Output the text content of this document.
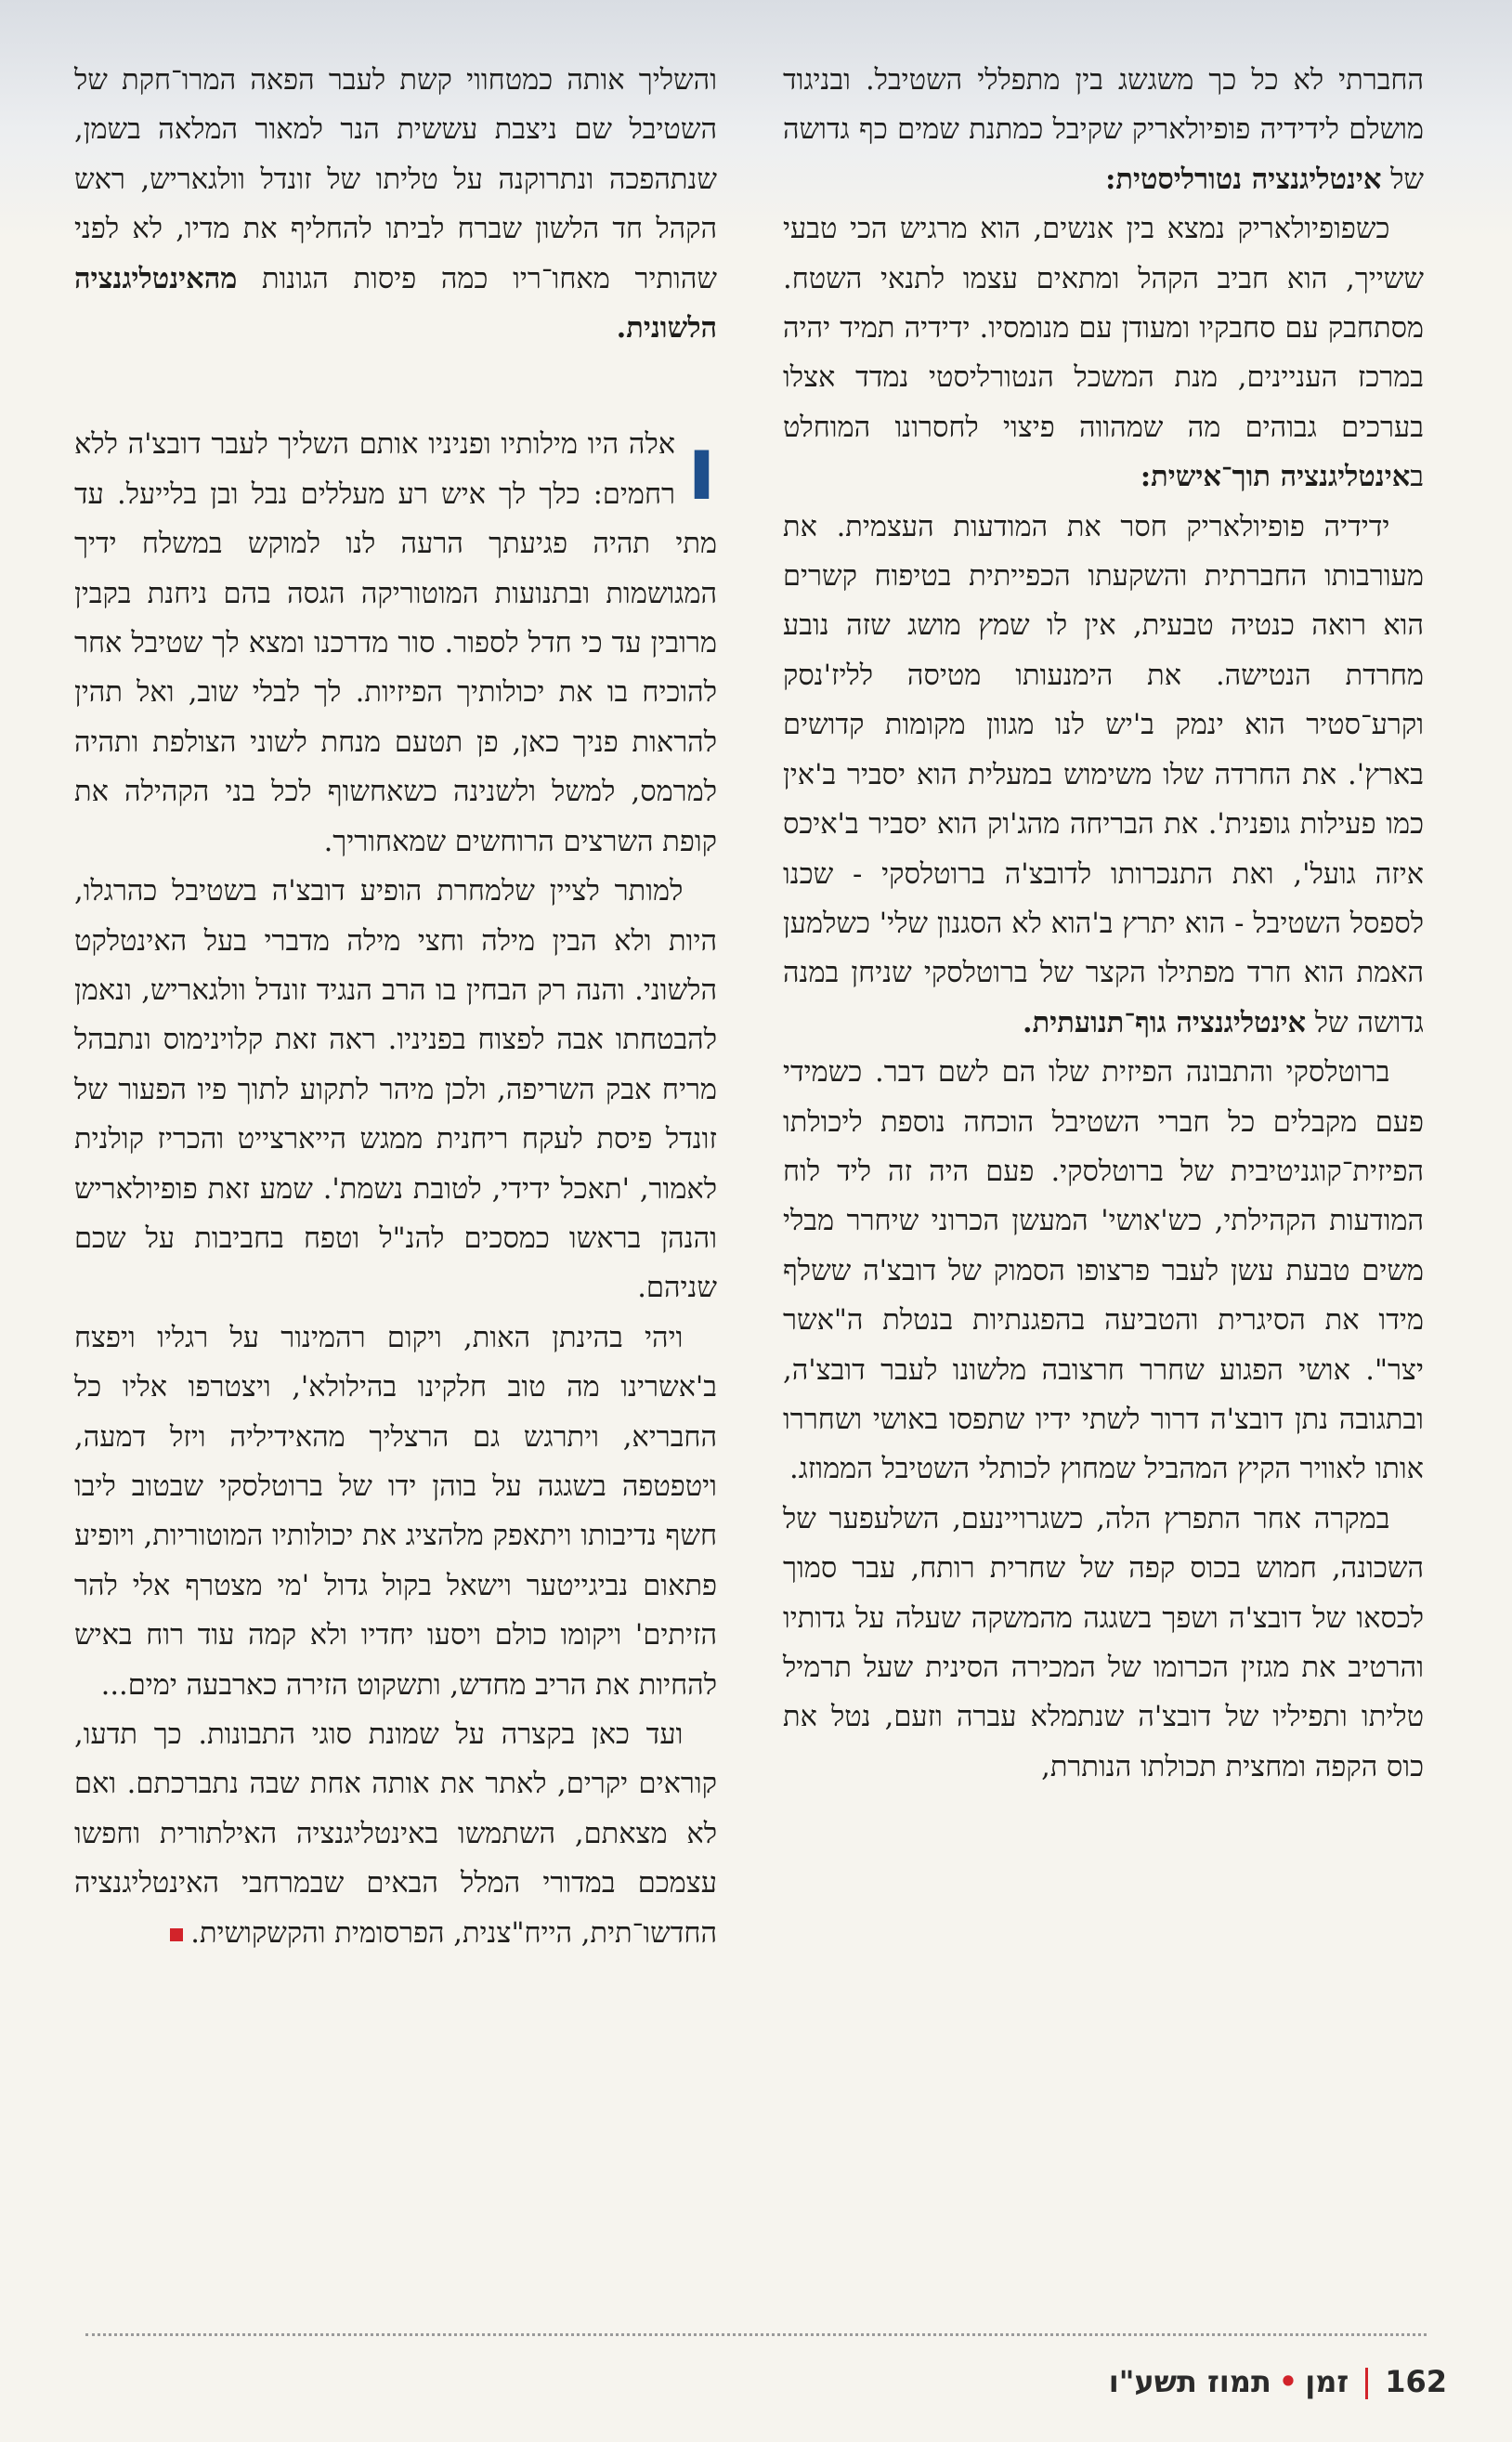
החברתי לא כל כך משגשג בין מתפללי השטיבל. ובניגוד מושלם לידידיה פופיולאריק שקיבל כמתנת שמים כף גדושה של אינטליגנציה נטורליסטית:

כשפופיולאריק נמצא בין אנשים, הוא מרגיש הכי טבעי ששייך, הוא חביב הקהל ומתאים עצמו לתנאי השטח. מסתחבק עם סחבקיו ומעודן עם מנומסיו. ידידיה תמיד יהיה במרכז העניינים, מנת המשכל הנטורליסטי נמדד אצלו בערכים גבוהים מה שמהווה פיצוי לחסרונו המוחלט באינטליגנציה תוך־אישית:

ידידיה פופיולאריק חסר את המודעות העצמית. את מעורבותו החברתית והשקעתו הכפייתית בטיפוח קשרים הוא רואה כנטיה טבעית, אין לו שמץ מושג שזה נובע מחרדת הנטישה. את הימנעותו מטיסה לליז'נסק וקרע־סטיר הוא ינמק ב'יש לנו מגוון מקומות קדושים בארץ'. את החרדה שלו משימוש במעלית הוא יסביר ב'אין כמו פעילות גופנית'. את הבריחה מהג'וק הוא יסביר ב'איכס איזה גועל', ואת התנכרותו לדובצ'ה ברוטלסקי - שכנו לספסל השטיבל - הוא יתרץ ב'הוא לא הסגנון שלי' כשלמען האמת הוא חרד מפתילו הקצר של ברוטלסקי שניחן במנה גדושה של אינטליגנציה גוף־תנועתית.

ברוטלסקי והתבונה הפיזית שלו הם לשם דבר. כשמידי פעם מקבלים כל חברי השטיבל הוכחה נוספת ליכולתו הפיזית־קוגניטיבית של ברוטלסקי. פעם היה זה ליד לוח המודעות הקהילתי, כש'אושי' המעשן הכרוני שיחרר מבלי משים טבעת עשן לעבר פרצופו הסמוק של דובצ'ה ששלף מידו את הסיגרית והטביעה בהפגנתיות בנטלת ה"אשר יצר". אושי הפגוע שחרר חרצובה מלשונו לעבר דובצ'ה, ובתגובה נתן דובצ'ה דרור לשתי ידיו שתפסו באושי ושחררו אותו לאוויר הקיץ המהביל שמחוץ לכותלי השטיבל הממוזג.

במקרה אחר התפרץ הלה, כשגרויינעם, השלעפער של השכונה, חמוש בכוס קפה של שחרית רותח, עבר סמוך לכסאו של דובצ'ה ושפך בשגגה מהמשקה שעלה על גדותיו והרטיב את מגזין הכרומו של המכירה הסינית שעל תרמיל טליתו ותפיליו של דובצ'ה שנתמלא עברה וזעם, נטל את כוס הקפה ומחצית תכולתו הנותרת,

והשליך אותה כמטחווי קשת לעבר הפאה המרו־חקת של השטיבל שם ניצבת עששית הנר למאור המלאה בשמן, שנתהפכה ונתרוקנה על טליתו של זונדל וולגאריש, ראש הקהל חד הלשון שברח לביתו להחליף את מדיו, לא לפני שהותיר מאחו־ריו כמה פיסות הגונות מהאינטליגנציה הלשונית.

ו
אלה היו מילותיו ופניניו אותם השליך לעבר דובצ'ה ללא רחמים: כלך לך איש רע מעללים נבל ובן בלייעל. עד מתי תהיה פגיעתך הרעה לנו למוקש במשלח ידיך המגושמות ובתנועות המוטוריקה הגסה בהם ניחנת בקבין מרובין עד כי חדל לספור. סור מדרכנו ומצא לך שטיבל אחר להוכיח בו את יכולותיך הפיזיות. לך לבלי שוב, ואל תהין להראות פניך כאן, פן תטעם מנחת לשוני הצולפת ותהיה למרמס, למשל ולשנינה כשאחשוף לכל בני הקהילה את קופת השרצים הרוחשים שמאחוריך.

למותר לציין שלמחרת הופיע דובצ'ה בשטיבל כהרגלו, היות ולא הבין מילה וחצי מילה מדברי בעל האינטלקט הלשוני. והנה רק הבחין בו הרב הנגיד זונדל וולגאריש, ונאמן להבטחתו אבה לפצוח בפניניו. ראה זאת קלוינימוס ונתבהל מריח אבק השריפה, ולכן מיהר לתקוע לתוך פיו הפעור של זונדל פיסת לעקח ריחנית ממגש הייארצייט והכריז קולנית לאמור, 'תאכל ידידי, לטובת נשמת'. שמע זאת פופיולאריש והנהן בראשו כמסכים להנ"ל וטפח בחביבות על שכם שניהם.

ויהי בהינתן האות, ויקום רהמינור על רגליו ויפצח ב'אשרינו מה טוב חלקינו בהילולא', ויצטרפו אליו כל החבריא, ויתרגש גם הרצליך מהאידיליה ויזל דמעה, ויטפטפה בשגגה על בוהן ידו של ברוטלסקי שבטוב ליבו חשף נדיבותו ויתאפק מלהציג את יכולותיו המוטוריות, ויופיע פתאום נביגייטער וישאל בקול גדול 'מי מצטרף אלי להר הזיתים' ויקומו כולם ויסעו יחדיו ולא קמה עוד רוח באיש להחיות את הריב מחדש, ותשקוט הזירה כארבעה ימים...

ועד כאן בקצרה על שמונת סוגי התבונות. כך תדעו, קוראים יקרים, לאתר את אותה אחת שבה נתברכתם. ואם לא מצאתם, השתמשו באינטליגנציה האילתורית וחפשו עצמכם במדורי המלל הבאים שבמרחבי האינטליגנציה החדשו־תית, הייח"צנית, הפרסומית והקשקושית.

162זמן•תמוז תשע"ו
